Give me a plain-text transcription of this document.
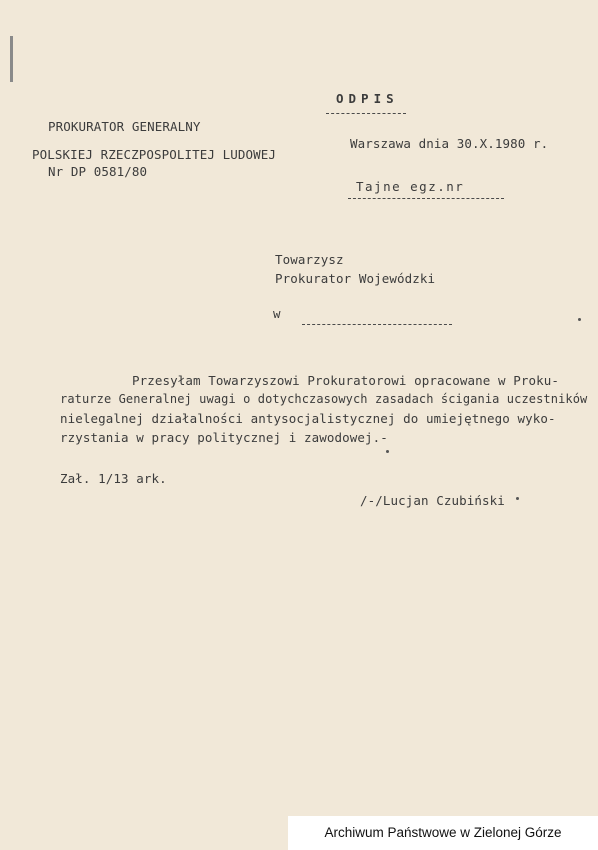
ODPIS
PROKURATOR GENERALNY
POLSKIEJ RZECZPOSPOLITEJ LUDOWEJ
Nr DP 0581/80
Warszawa dnia 30.X.1980 r.
Tajne egz.nr
Towarzysz
Prokurator Wojewódzki
w
Przesyłam Towarzyszowi Prokuratorowi opracowane w Proku-
raturze Generalnej uwagi o dotychczasowych zasadach ścigania uczestników
nielegalnej działalności antysocjalistycznej do umiejętnego wyko-
rzystania w pracy politycznej i zawodowej.-
Zał. 1/13 ark.
/-/Lucjan Czubiński
Archiwum Państwowe w Zielonej Górze
